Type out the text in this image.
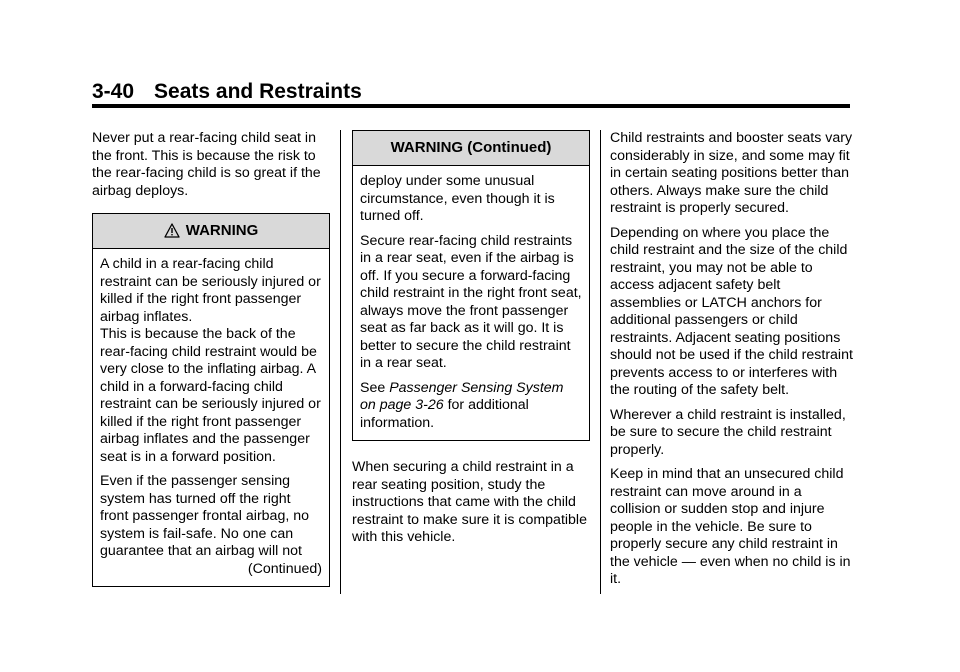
3-40 Seats and Restraints

Never put a rear-facing child seat in the front. This is because the risk to the rear-facing child is so great if the airbag deploys.

WARNING

A child in a rear-facing child restraint can be seriously injured or killed if the right front passenger airbag inflates.

This is because the back of the rear-facing child restraint would be very close to the inflating airbag. A child in a forward-facing child restraint can be seriously injured or killed if the right front passenger airbag inflates and the passenger seat is in a forward position.

Even if the passenger sensing system has turned off the right front passenger frontal airbag, no system is fail-safe. No one can guarantee that an airbag will not

(Continued)
WARNING (Continued)

deploy under some unusual circumstance, even though it is turned off.

Secure rear-facing child restraints in a rear seat, even if the airbag is off. If you secure a forward-facing child restraint in the right front seat, always move the front passenger seat as far back as it will go. It is better to secure the child restraint in a rear seat.

See Passenger Sensing System on page 3-26 for additional information.

When securing a child restraint in a rear seating position, study the instructions that came with the child restraint to make sure it is compatible with this vehicle.

Child restraints and booster seats vary considerably in size, and some may fit in certain seating positions better than others. Always make sure the child restraint is properly secured.

Depending on where you place the child restraint and the size of the child restraint, you may not be able to access adjacent safety belt assemblies or LATCH anchors for additional passengers or child restraints. Adjacent seating positions should not be used if the child restraint prevents access to or interferes with the routing of the safety belt.

Wherever a child restraint is installed, be sure to secure the child restraint properly.

Keep in mind that an unsecured child restraint can move around in a collision or sudden stop and injure people in the vehicle. Be sure to properly secure any child restraint in the vehicle — even when no child is in it.
